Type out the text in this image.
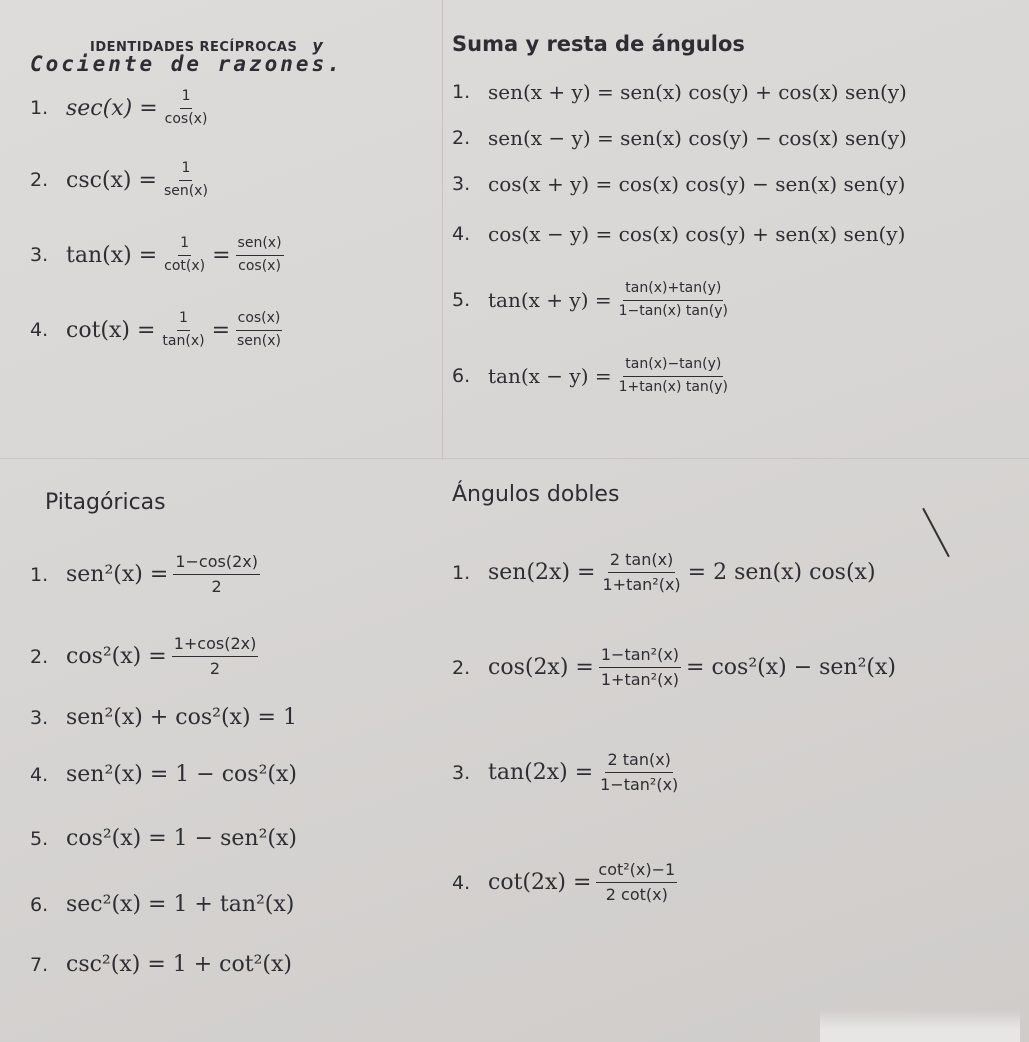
IDENTIDADES RECÍPROCAS y
Cociente de razones.
1. $\sec(x) = \frac{1}{\cos(x)}$
2. $\csc(x) = \frac{1}{\text{sen(x)}}$
3. $\tan(x) = \frac{1}{\cot(x)} = \frac{\text{sen(x)}}{\cos(x)}$
4. $\cot(x) = \frac{1}{\tan(x)} = \frac{\cos(x)}{\text{sen(x)}}$
Suma y resta de ángulos
1. sen(x + y) = sen(x) cos(y) + cos(x) sen(y)
2. sen(x − y) = sen(x) cos(y) − cos(x) sen(y)
3. cos(x + y) = cos(x) cos(y) − sen(x) sen(y)
4. cos(x − y) = cos(x) cos(y) + sen(x) sen(y)
5. $\tan(x + y) = \frac{\tan(x)+\tan(y)}{1-\tan(x) \tan(y)}$
6. $\tan(x - y) = \frac{\tan(x)-\tan(y)}{1+\tan(x) \tan(y)}$
Pitagóricas
1. $sen^2(x) = \frac{1-\cos(2x)}{2}$
2. $\cos^2(x) = \frac{1+\cos(2x)}{2}$
3. sen²(x) + cos²(x) = 1
4. sen²(x) = 1 − cos²(x)
5. cos²(x) = 1 − sen²(x)
6. sec²(x) = 1 + tan²(x)
7. csc²(x) = 1 + cot²(x)
Ángulos dobles
1. $sen(2x) = \frac{2 \tan(x)}{\text{1+tan²(x)}} = 2$ sen(x) cos(x)
2. $\cos(2x) = \frac{\text{1−tan²(x)}}{\text{1+tan²(x)}} = \cos^2(x) - sen^2(x)$
3. $\tan(2x) = \frac{2 \tan(x)}{\text{1−tan²(x)}}$
4. $\cot(2x) = \frac{\text{cot²(x)−1}}{2 \cot(x)}$
